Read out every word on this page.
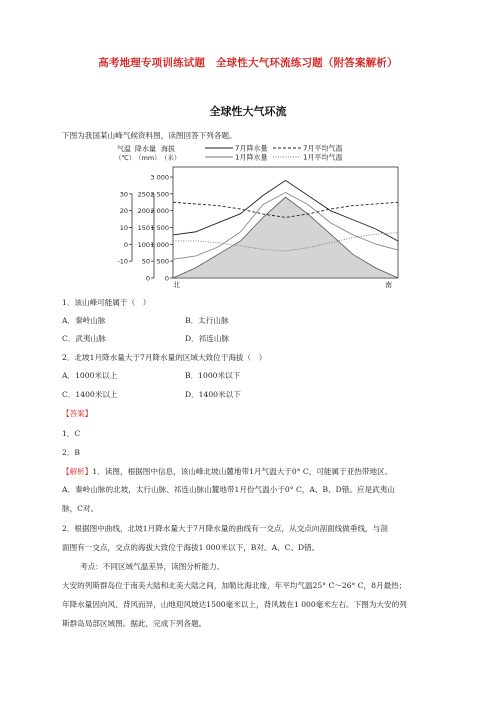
高考地理专项训练试题　全球性大气环流练习题（附答案解析）
全球性大气环流
下图为我国某山峰气候资料图，读图回答下列各题。
气温 降水量 海拔
（℃） （mm） （米）
3 000
2 500
2 000
1 500
1 000
500
0
250
200
150
100
50
0
30
20
10
0
-10
7月降水量	7月平均气温
1月降水量	1月平均气温
北	南
1．该山峰可能属于（　）
A．秦岭山脉	B．太行山脉
C．武夷山脉	D．祁连山脉
2．北坡1月降水量大于7月降水量的区域大致位于海拔（　）
A．1000米以上	B．1000米以下
C．1400米以上	D．1400米以下
【答案】
1．C
2．B
【解析】1．读图，根据图中信息，该山峰北坡山麓地带1月气温大于0° C，可能属于亚热带地区。
A．秦岭山脉的北坡，太行山脉、祁连山脉山麓地带1月份气温小于0° C，A、B、D错。应是武夷山
脉，C对。
2．根据图中曲线，北坡1月降水量大于7月降水量的曲线有一交点，从交点向剖面线做垂线，与剖
面图有一交点，交点的海拔大致位于海拔1 000米以下，B对。A、C、D错。
考点：不同区域气温差异，读图分析能力。
大安的列斯群岛位于南美大陆和北美大陆之间，加勒比海北缘，年平均气温25° C～26° C，8月最热；
年降水量因向风、背风而异，山地迎风坡达1500毫米以上，背风坡在1 000毫米左右。下图为大安的列
斯群岛局部区域图。据此，完成下列各题。
